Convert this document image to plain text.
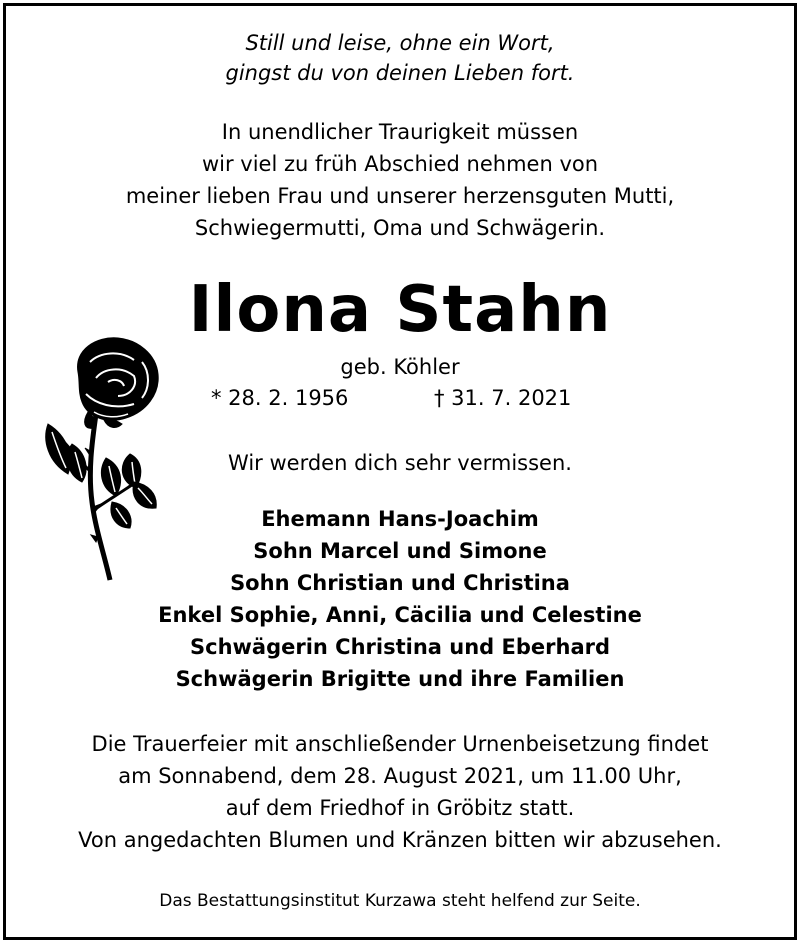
Still und leise, ohne ein Wort,
gingst du von deinen Lieben fort.
In unendlicher Traurigkeit müssen
wir viel zu früh Abschied nehmen von
meiner lieben Frau und unserer herzensguten Mutti,
Schwiegermutti, Oma und Schwägerin.
Ilona Stahn
geb. Köhler
* 28. 2. 1956	† 31. 7. 2021
Wir werden dich sehr vermissen.
Ehemann Hans-Joachim
Sohn Marcel und Simone
Sohn Christian und Christina
Enkel Sophie, Anni, Cäcilia und Celestine
Schwägerin Christina und Eberhard
Schwägerin Brigitte und ihre Familien
Die Trauerfeier mit anschließender Urnenbeisetzung findet
am Sonnabend, dem 28. August 2021, um 11.00 Uhr,
auf dem Friedhof in Gröbitz statt.
Von angedachten Blumen und Kränzen bitten wir abzusehen.
Das Bestattungsinstitut Kurzawa steht helfend zur Seite.
